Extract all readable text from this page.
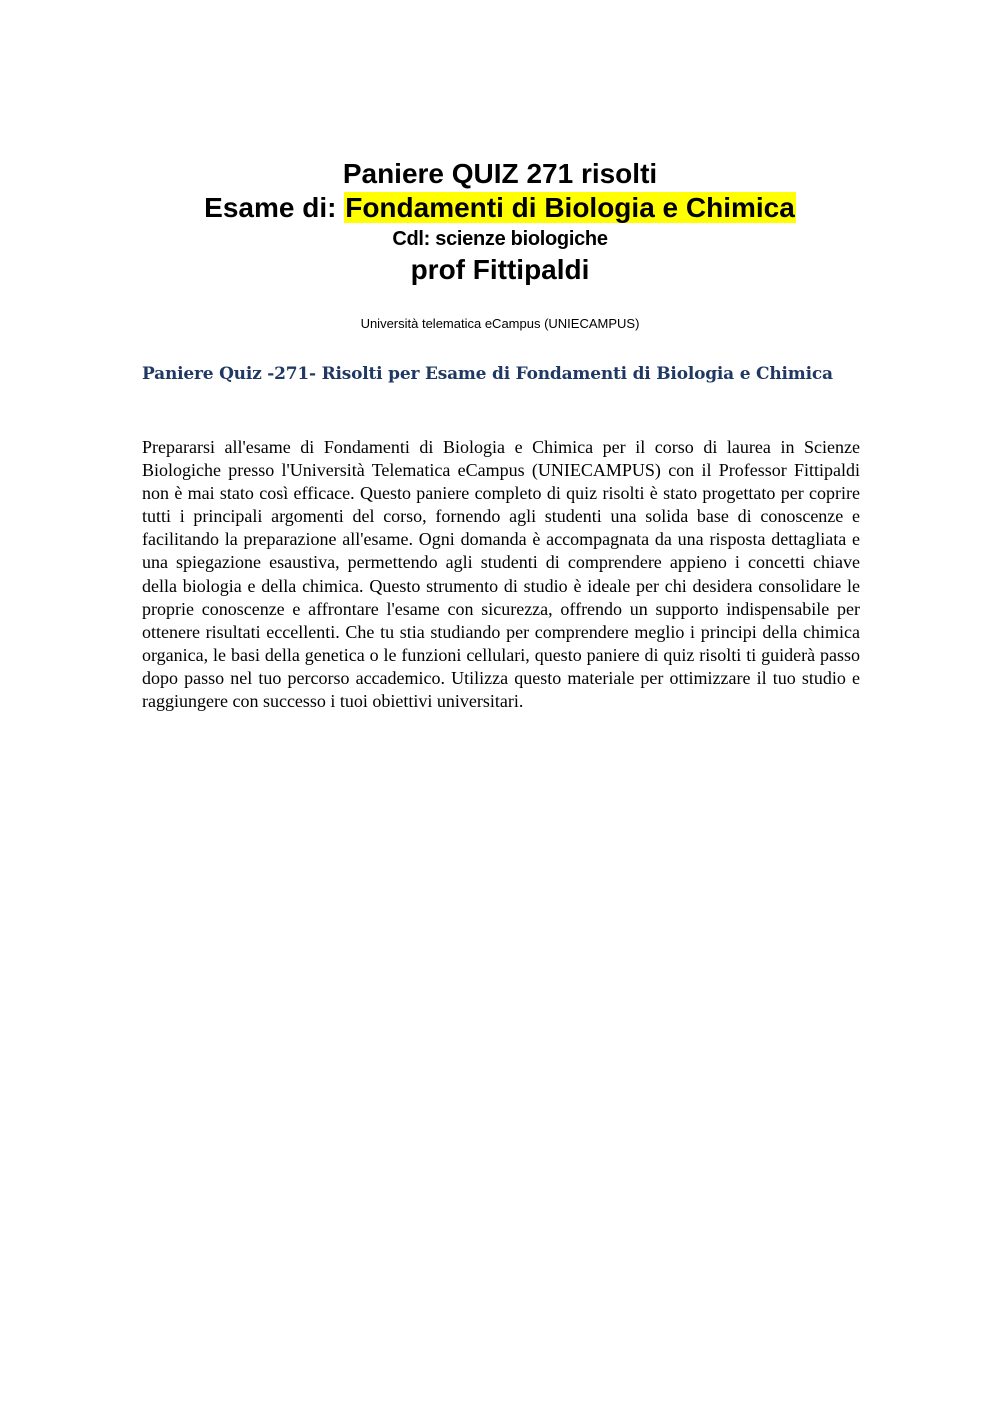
Paniere QUIZ 271 risolti
Esame di: Fondamenti di Biologia e Chimica
Cdl: scienze biologiche
prof Fittipaldi
Università telematica eCampus (UNIECAMPUS)
Paniere Quiz -271- Risolti per Esame di Fondamenti di Biologia e Chimica

Prepararsi all'esame di Fondamenti di Biologia e Chimica per il corso di laurea in Scienze Biologiche presso l'Università Telematica eCampus (UNIECAMPUS) con il Professor Fittipaldi non è mai stato così efficace. Questo paniere completo di quiz risolti è stato progettato per coprire tutti i principali argomenti del corso, fornendo agli studenti una solida base di conoscenze e facilitando la preparazione all'esame. Ogni domanda è accompagnata da una risposta dettagliata e una spiegazione esaustiva, permettendo agli studenti di comprendere appieno i concetti chiave della biologia e della chimica. Questo strumento di studio è ideale per chi desidera consolidare le proprie conoscenze e affrontare l'esame con sicurezza, offrendo un supporto indispensabile per ottenere risultati eccellenti. Che tu stia studiando per comprendere meglio i principi della chimica organica, le basi della genetica o le funzioni cellulari, questo paniere di quiz risolti ti guiderà passo dopo passo nel tuo percorso accademico. Utilizza questo materiale per ottimizzare il tuo studio e raggiungere con successo i tuoi obiettivi universitari.
